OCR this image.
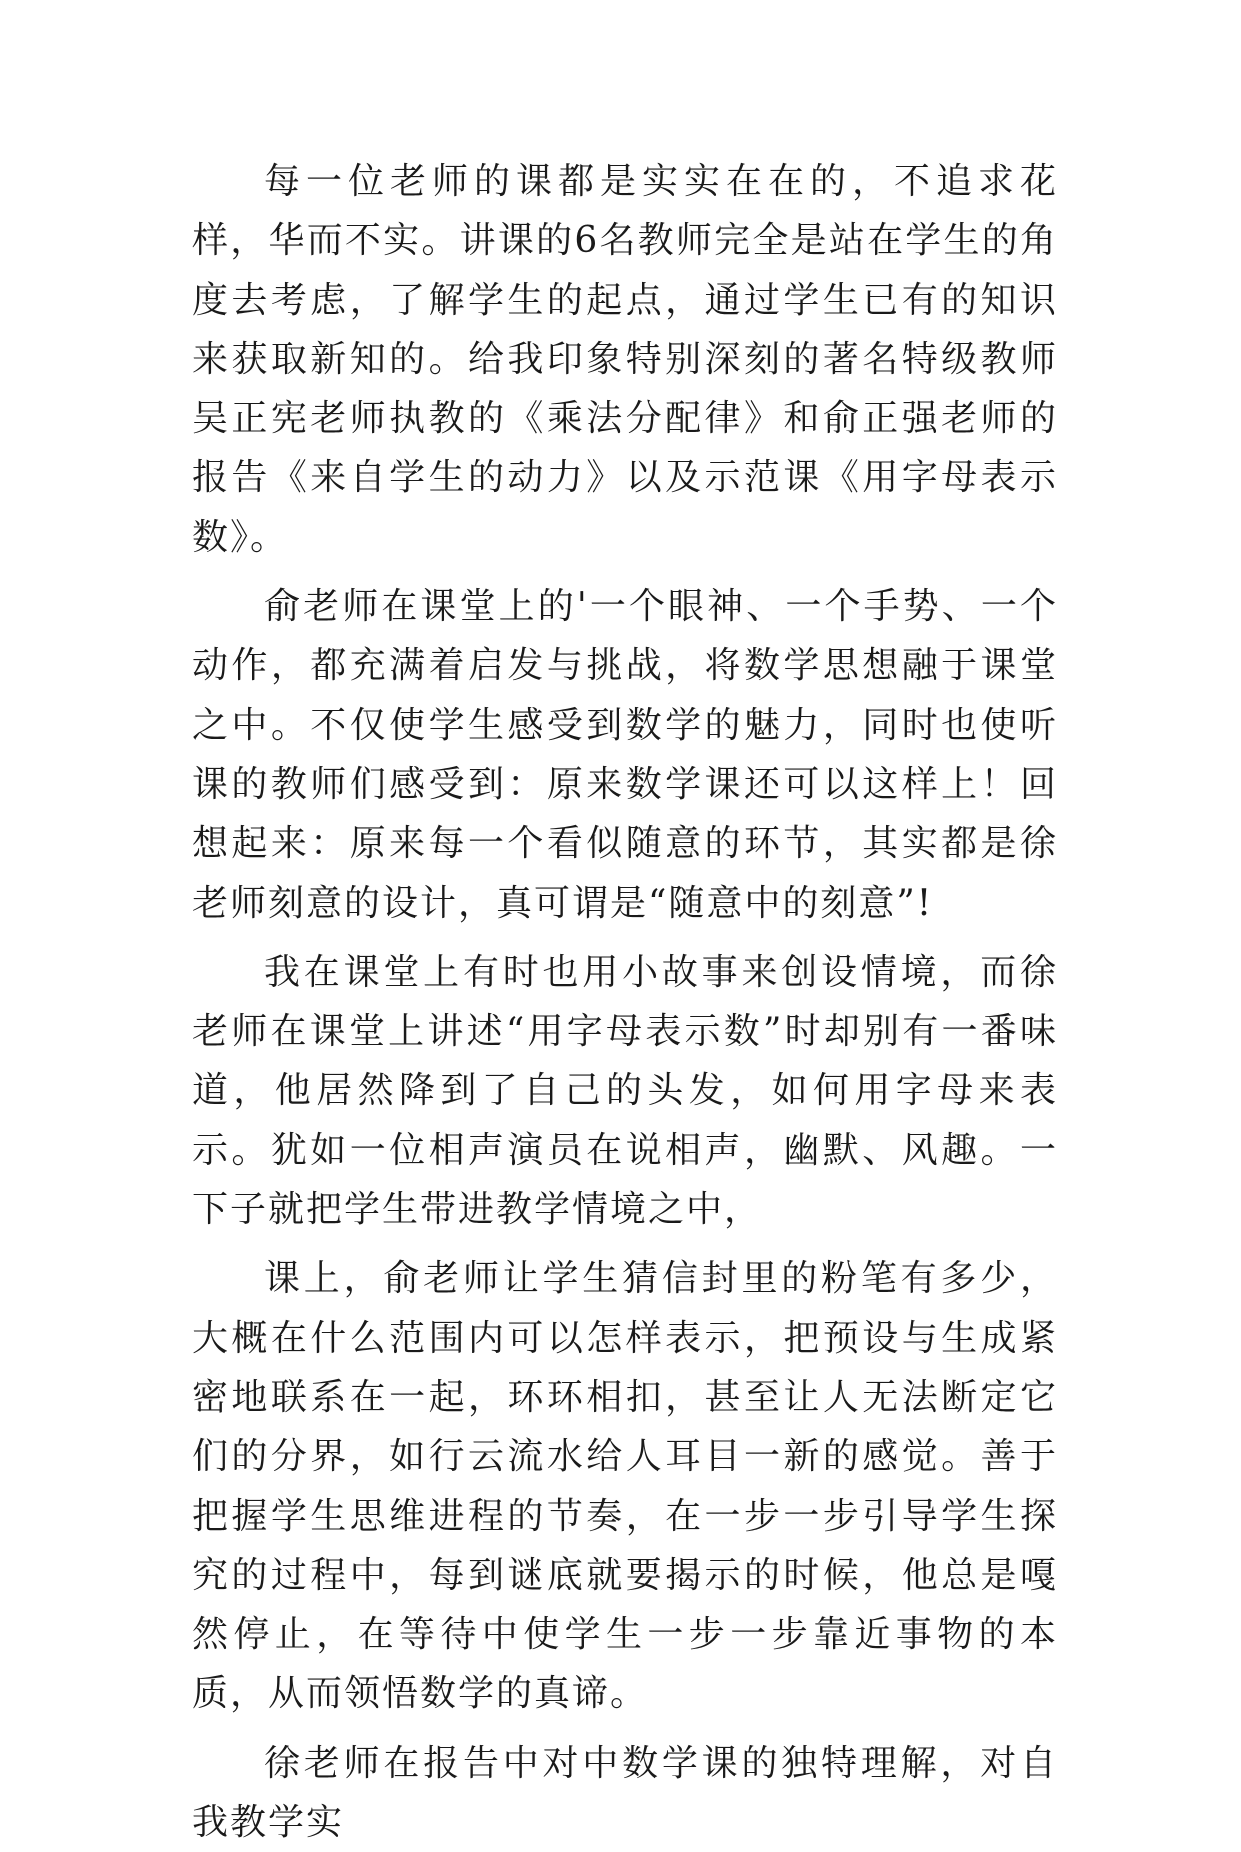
每一位老师的课都是实实在在的，不追求花样，华而不实。讲课的6名教师完全是站在学生的角度去考虑，了解学生的起点，通过学生已有的知识来获取新知的。给我印象特别深刻的著名特级教师吴正宪老师执教的《乘法分配律》和俞正强老师的报告《来自学生的动力》以及示范课《用字母表示数》。

俞老师在课堂上的'一个眼神、一个手势、一个动作，都充满着启发与挑战，将数学思想融于课堂之中。不仅使学生感受到数学的魅力，同时也使听课的教师们感受到：原来数学课还可以这样上！回想起来：原来每一个看似随意的环节，其实都是徐老师刻意的设计，真可谓是“随意中的刻意”!

我在课堂上有时也用小故事来创设情境，而徐老师在课堂上讲述“用字母表示数”时却别有一番味道，他居然降到了自己的头发，如何用字母来表示。犹如一位相声演员在说相声，幽默、风趣。一下子就把学生带进教学情境之中，

课上，俞老师让学生猜信封里的粉笔有多少，大概在什么范围内可以怎样表示，把预设与生成紧密地联系在一起，环环相扣，甚至让人无法断定它们的分界，如行云流水给人耳目一新的感觉。善于把握学生思维进程的节奏，在一步一步引导学生探究的过程中，每到谜底就要揭示的时候，他总是嘎然停止，在等待中使学生一步一步靠近事物的本质，从而领悟数学的真谛。

徐老师在报告中对中数学课的独特理解，对自我教学实
